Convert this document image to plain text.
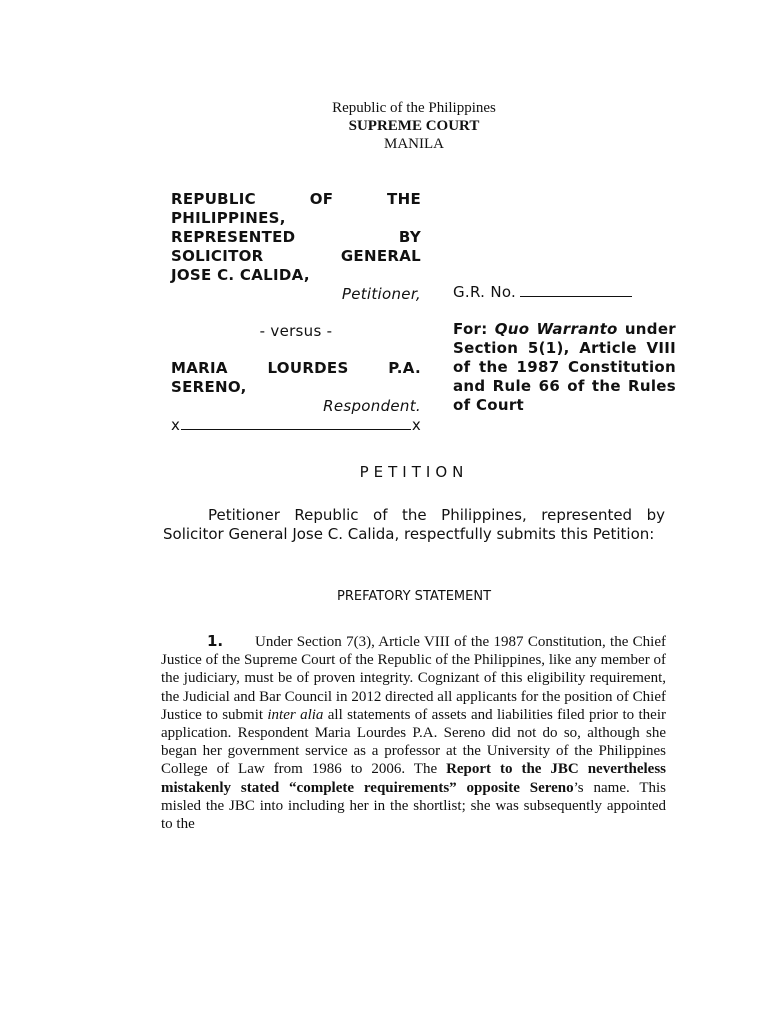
Republic of the Philippines
SUPREME COURT
MANILA
REPUBLIC OF THE
PHILIPPINES,
REPRESENTED BY
SOLICITOR GENERAL
JOSE C. CALIDA,
Petitioner,
- versus -
MARIA LOURDES P.A.
SERENO,
Respondent.
x	x
G.R. No.
For: Quo Warranto under Section 5(1), Article VIII of the 1987 Constitution and Rule 66 of the Rules of Court
PETITION
Petitioner Republic of the Philippines, represented by Solicitor General Jose C. Calida, respectfully submits this Petition:
PREFATORY STATEMENT
1. Under Section 7(3), Article VIII of the 1987 Constitution, the Chief Justice of the Supreme Court of the Republic of the Philippines, like any member of the judiciary, must be of proven integrity. Cognizant of this eligibility requirement, the Judicial and Bar Council in 2012 directed all applicants for the position of Chief Justice to submit inter alia all statements of assets and liabilities filed prior to their application. Respondent Maria Lourdes P.A. Sereno did not do so, although she began her government service as a professor at the University of the Philippines College of Law from 1986 to 2006. The Report to the JBC nevertheless mistakenly stated “complete requirements” opposite Sereno’s name. This misled the JBC into including her in the shortlist; she was subsequently appointed to the
